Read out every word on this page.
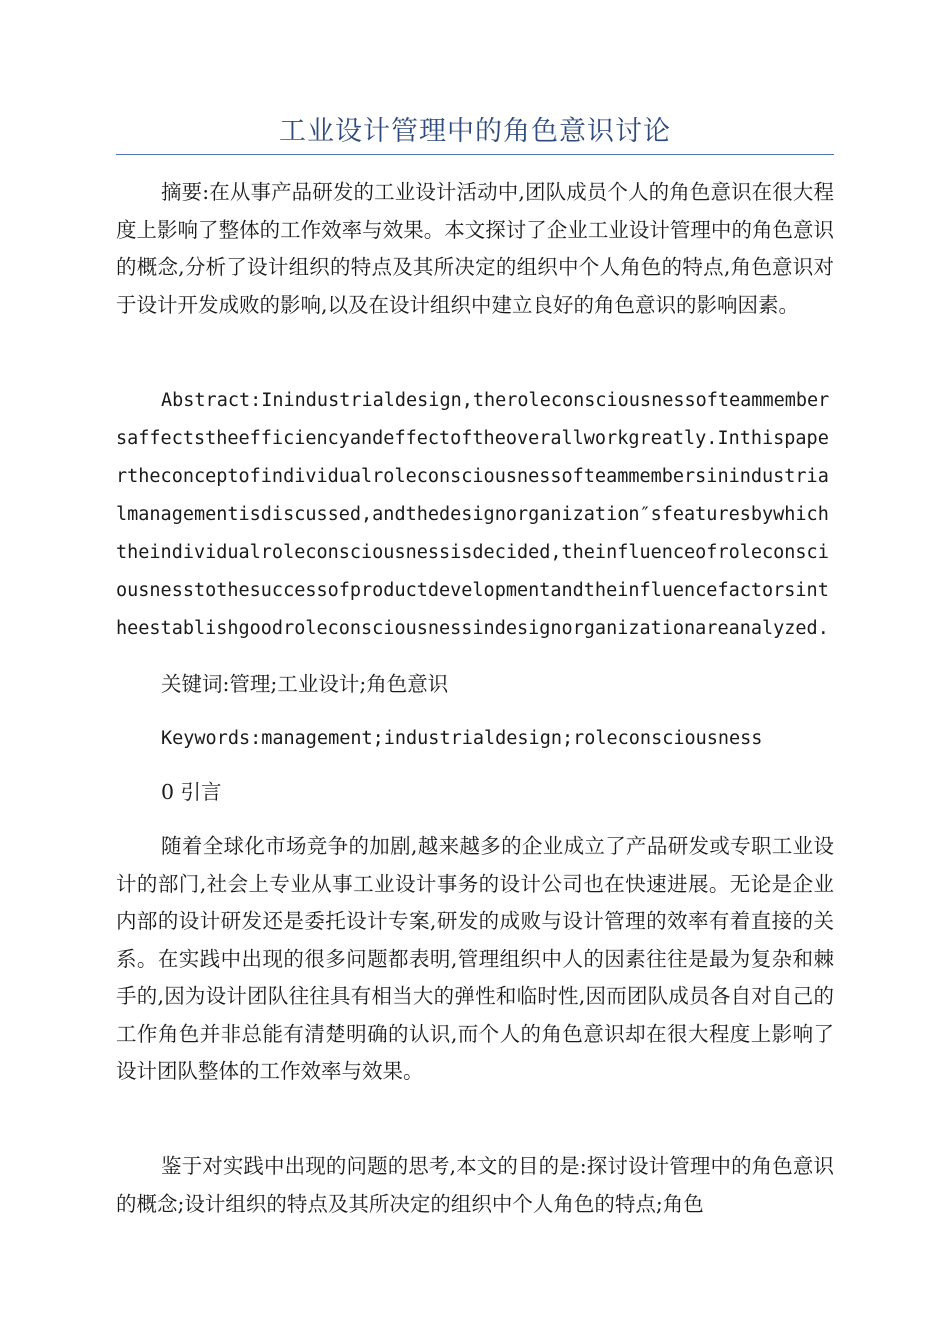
工业设计管理中的角色意识讨论

摘要:在从事产品研发的工业设计活动中,团队成员个人的角色意识在很大程度上影响了整体的工作效率与效果。本文探讨了企业工业设计管理中的角色意识的概念,分析了设计组织的特点及其所决定的组织中个人角色的特点,角色意识对于设计开发成败的影响,以及在设计组织中建立良好的角色意识的影响因素。

Abstract:Inindustrialdesign,theroleconsciousnessofteammembersaffectstheefficiencyandeffectoftheoverallworkgreatly.Inthispapertheconceptofindividualroleconsciousnessofteammembersinindustrialmanagementisdiscussed,andthedesignorganization″sfeaturesbywhichtheindividualroleconsciousnessisdecided,theinfluenceofroleconsciousnesstothesuccessofproductdevelopmentandtheinfluencefactorsintheestablishgoodroleconsciousnessindesignorganizationareanalyzed.

关键词:管理;工业设计;角色意识

Keywords:management;industrialdesign;roleconsciousness

0 引言

随着全球化市场竞争的加剧,越来越多的企业成立了产品研发或专职工业设计的部门,社会上专业从事工业设计事务的设计公司也在快速进展。无论是企业内部的设计研发还是委托设计专案,研发的成败与设计管理的效率有着直接的关系。在实践中出现的很多问题都表明,管理组织中人的因素往往是最为复杂和棘手的,因为设计团队往往具有相当大的弹性和临时性,因而团队成员各自对自己的工作角色并非总能有清楚明确的认识,而个人的角色意识却在很大程度上影响了设计团队整体的工作效率与效果。

鉴于对实践中出现的问题的思考,本文的目的是:探讨设计管理中的角色意识的概念;设计组织的特点及其所决定的组织中个人角色的特点;角色
